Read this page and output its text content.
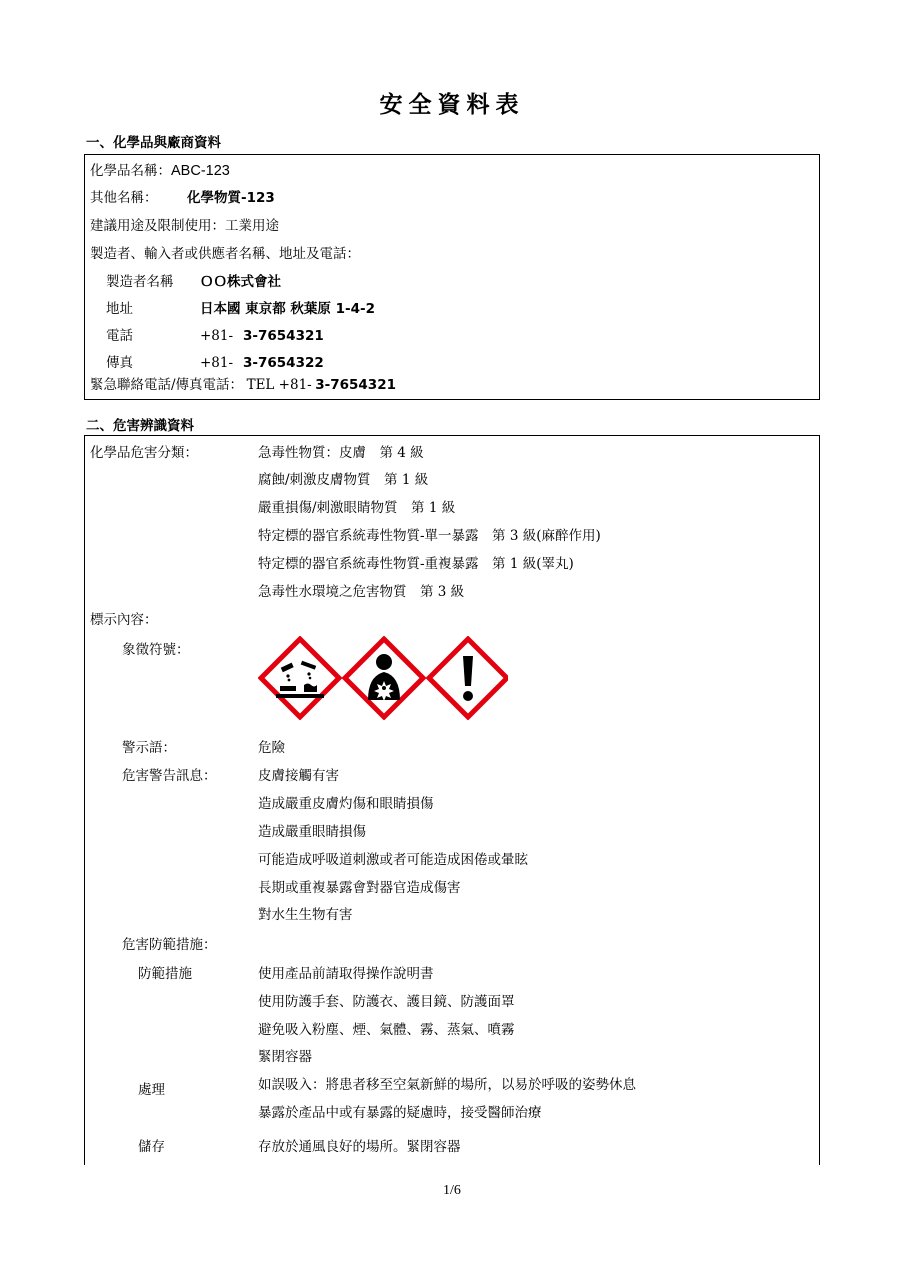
安全資料表
一、化學品與廠商資料
化學品名稱：ABC-123
其他名稱： 化學物質-123
建議用途及限制使用：工業用途
製造者、輸入者或供應者名稱、地址及電話：
製造者名稱 ＯＯ株式會社
地址	日本國 東京都 秋葉原 1-4-2
電話	+81- 3-7654321
傳真	+81- 3-7654322
緊急聯絡電話/傳真電話： TEL +81- 3-7654321
二、危害辨識資料
化學品危害分類：	急毒性物質：皮膚　第 4 級
腐蝕/刺激皮膚物質　第 1 級
嚴重損傷/刺激眼睛物質　第 1 級
特定標的器官系統毒性物質-單一暴露　第 3 級(麻醉作用)
特定標的器官系統毒性物質-重複暴露　第 1 級(睪丸)
急毒性水環境之危害物質　第 3 級
標示內容：
象徵符號：
警示語：	危險
危害警告訊息：	皮膚接觸有害
造成嚴重皮膚灼傷和眼睛損傷
造成嚴重眼睛損傷
可能造成呼吸道刺激或者可能造成困倦或暈眩
長期或重複暴露會對器官造成傷害
對水生生物有害
危害防範措施：
防範措施	使用產品前請取得操作說明書
使用防護手套、防護衣、護目鏡、防護面罩
避免吸入粉塵、煙、氣體、霧、蒸氣、噴霧
緊閉容器
處理	如誤吸入：將患者移至空氣新鮮的場所，以易於呼吸的姿勢休息
暴露於產品中或有暴露的疑慮時，接受醫師治療
儲存	存放於通風良好的場所。緊閉容器
1/6
